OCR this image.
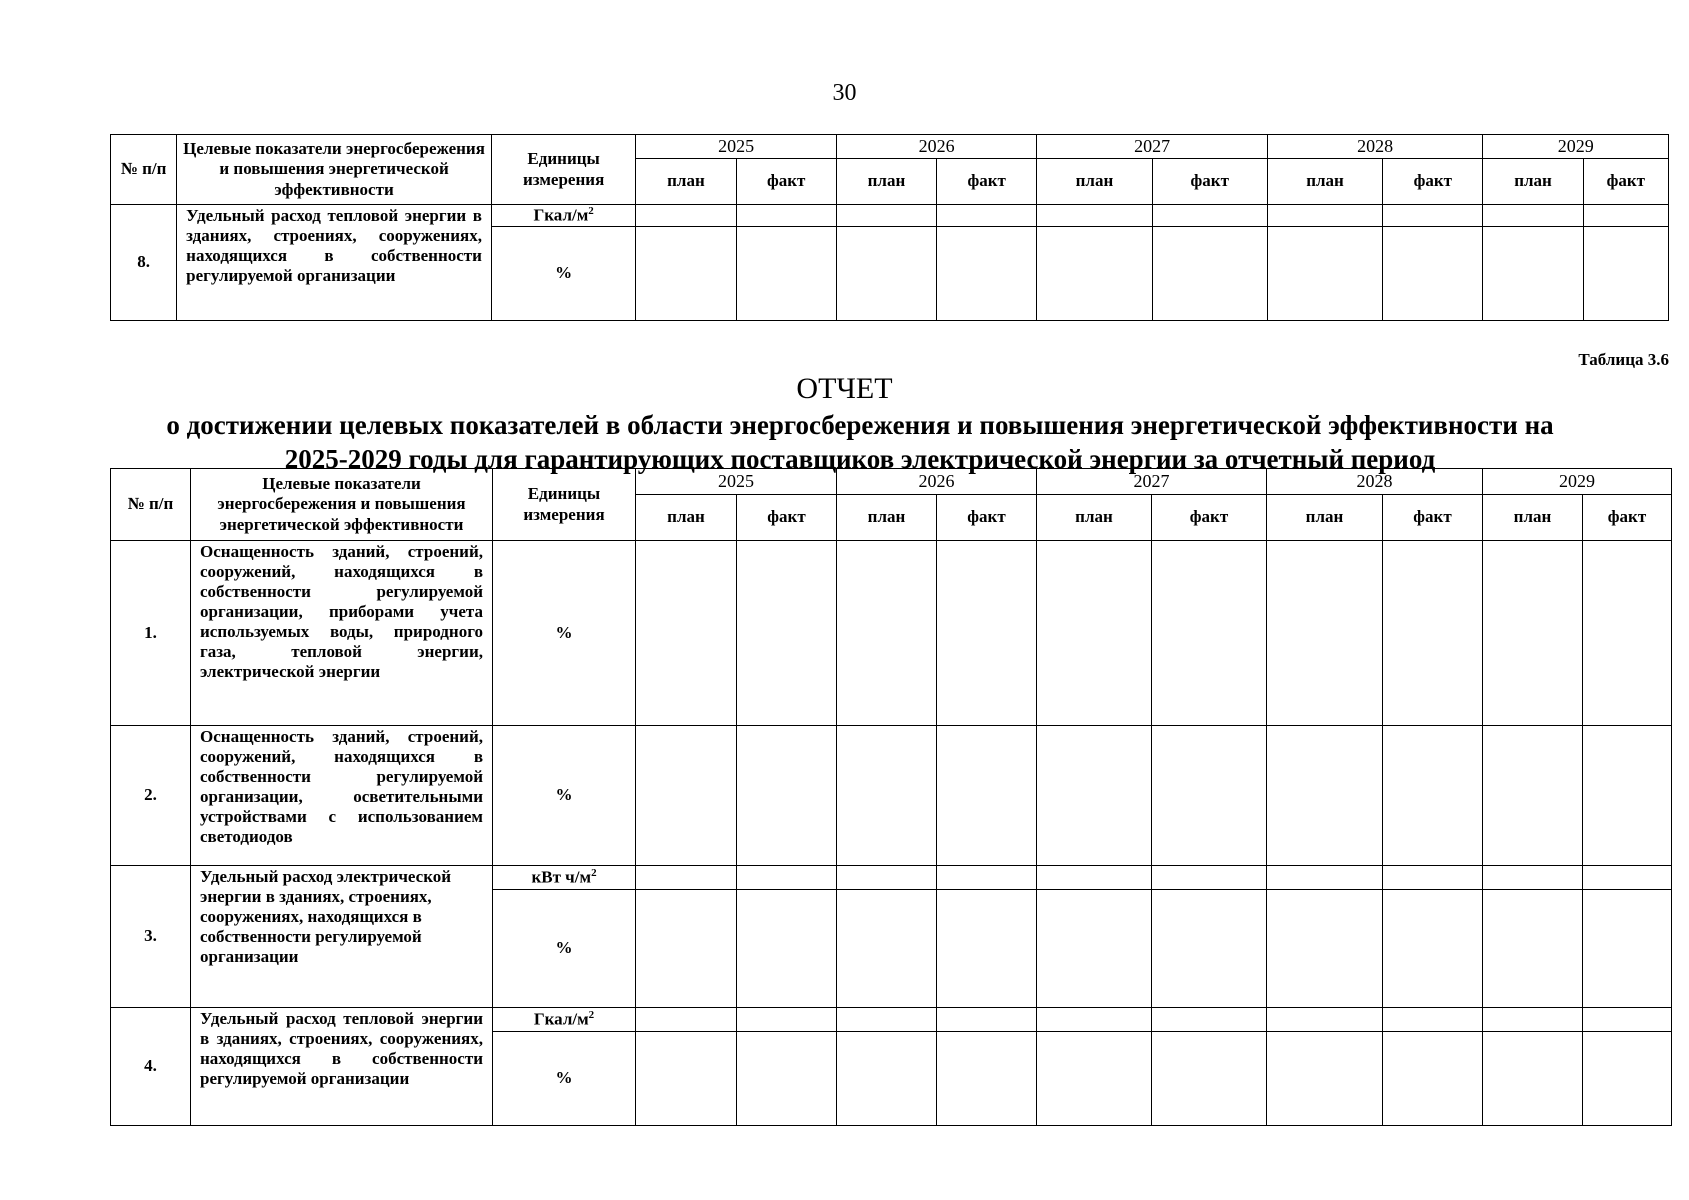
30
№ п/п	Целевые показатели энергосбережения и повышения энергетической эффективности	Единицы измерения	2025		2026		2027		2028		2029	
			план	факт	план	факт	план	факт	план	факт	план	факт
8.	Удельный расход тепловой энергии в зданиях, строениях, сооружениях, находящихся в собственности регулируемой организации	Гкал/$м^2$										
		%										
Таблица 3.6
ОТЧЕТ
о достижении целевых показателей в области энергосбережения и повышения энергетической эффективности на 2025-2029 годы для гарантирующих поставщиков электрической энергии за отчетный период
№ п/п	Целевые показатели энергосбережения и повышения энергетической эффективности	Единицы измерения	2025		2026		2027		2028		2029	
			план	факт	план	факт	план	факт	план	факт	план	факт
1.	Оснащенность зданий, строений, сооружений, находящихся в собственности регулируемой организации, приборами учета используемых воды, природного газа, тепловой энергии, электрической энергии	%										
2.	Оснащенность зданий, строений, сооружений, находящихся в собственности регулируемой организации, осветительными устройствами с использованием светодиодов	%										
3.	Удельный расход электрической энергии в зданиях, строениях, сооружениях, находящихся в собственности регулируемой организации	кВт $ч/м^2$										
		%										
4.	Удельный расход тепловой энергии в зданиях, строениях, сооружениях, находящихся в собственности регулируемой организации	Гкал/$м^2$										
		%										
